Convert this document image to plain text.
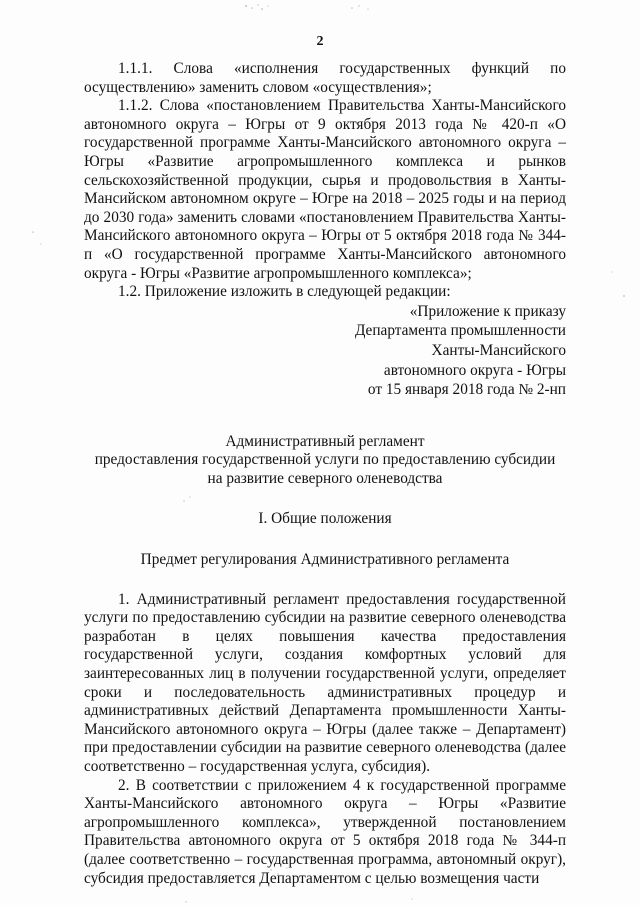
2

1.1.1. Слова «исполнения государственных функций по осуществлению» заменить словом «осуществления»;

1.1.2. Слова «постановлением Правительства Ханты-Мансийского автономного округа – Югры от 9 октября 2013 года № 420-п «О государственной программе Ханты-Мансийского автономного округа – Югры «Развитие агропромышленного комплекса и рынков сельскохозяйственной продукции, сырья и продовольствия в Ханты-Мансийском автономном округе – Югре на 2018 – 2025 годы и на период до 2030 года» заменить словами «постановлением Правительства Ханты-Мансийского автономного округа – Югры от 5 октября 2018 года № 344-п «О государственной программе Ханты-Мансийского автономного округа - Югры «Развитие агропромышленного комплекса»;

1.2. Приложение изложить в следующей редакции:

«Приложение к приказу
Департамента промышленности
Ханты-Мансийского
автономного округа - Югры
от 15 января 2018 года № 2-нп
Административный регламент
предоставления государственной услуги по предоставлению субсидии
на развитие северного оленеводства
I. Общие положения
Предмет регулирования Административного регламента

1. Административный регламент предоставления государственной услуги по предоставлению субсидии на развитие северного оленеводства разработан в целях повышения качества предоставления государственной услуги, создания комфортных условий для заинтересованных лиц в получении государственной услуги, определяет сроки и последовательность административных процедур и административных действий Департамента промышленности Ханты-Мансийского автономного округа – Югры (далее также – Департамент) при предоставлении субсидии на развитие северного оленеводства (далее соответственно – государственная услуга, субсидия).

2. В соответствии с приложением 4 к государственной программе Ханты-Мансийского автономного округа – Югры «Развитие агропромышленного комплекса», утвержденной постановлением Правительства автономного округа от 5 октября 2018 года № 344-п (далее соответственно – государственная программа, автономный округ), субсидия предоставляется Департаментом с целью возмещения части
